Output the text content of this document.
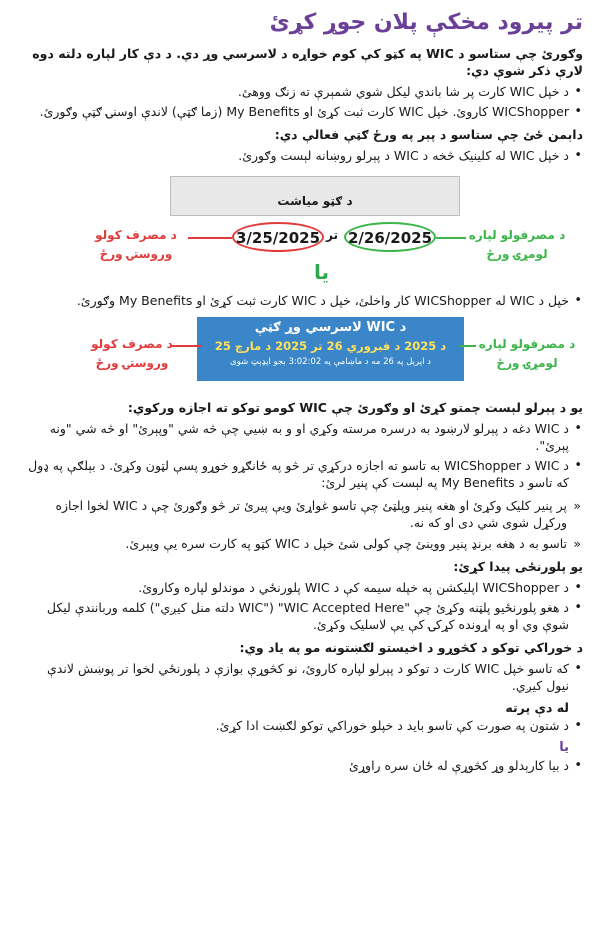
تر پیرود مخکې پلان جوړ کړئ
وګورئ چې ستاسو د WIC په کټو کې کوم خواړه د لاسرسي وړ دي. د دې کار لپاره دلته دوه لارې ذکر شوې دي:
• د خپل WIC کارت پر شا باندي لیکل شوي شمېرې ته زنګ ووهئ.
• WICShopper کاروئ. خپل WIC کارت ثبت کړئ او My Benefits (زما ګټې) لاندې اوسنۍ ګټې وګورئ.
داېمن ځئ چې ستاسو د پېر په ورځ ګټې فعالې دي:
• د خپل WIC له کلینیک څخه د WIC د پېرلو روښانه لېست وګورئ.
د ګټو میاشت
3/25/2025 تر 2/26/2025
د مصرف کولو وروستۍ ورځ
د مصرفولو لپاره لومړۍ ورځ
یا
• خپل د WIC له WICShopper کار واخلئ، خپل د WIC کارت ثبت کړئ او My Benefits وګورئ.
د WIC لاسرسي وړ ګټې
د 2025 د فبروري 26 تر 2025 د مارچ 25
د اپرېل په 26 مه د ماښامې په 3:02:02 بجو اپډېټ شوی
د مصرف کولو وروستۍ ورځ
د مصرفولو لپاره لومړۍ ورځ
یو د پېرلو لېست چمتو کړئ او وګورئ چې WIC کومو توکو ته اجازه ورکوي:
• د WIC دغه د پېرلو لارښود به درسره مرسته وکړي او و به ښيي چې څه شي "وپېرئ" او څه شي "ونه پېرئ".
• د WIC د WICShopper به تاسو ته اجازه درکړي تر څو په ځانګړو خوړو پسې لټون وکړئ. د بېلګې په ډول که تاسو د My Benefits په لېست کې پنیر لرئ:
« پر پنیر کلیک وکړئ او هغه پنیر وپلټئ چې تاسو غواړئ ویې پیرئ تر څو وګورئ چې د WIC لخوا اجازه ورکړل شوی شي دی او که نه.
« تاسو به د هغه برنډ پنیر ووینئ چې کولی شئ خپل د WIC کټو په کارت سره یې وپېرئ.
یو پلورنځی پیدا کړئ:
• د WICShopper اپلیکشن په خپله سیمه کې د WIC پلورنځي د موندلو لپاره وکاروئ.
• د هغو پلورنځیو پلټنه وکړئ چې "WIC Accepted Here" ("WIC دلته منل کیږي") کلمه وربانندې لیکل شوې وي او په اړونده کړکۍ کې یې لاسلیک وکړئ.
د خوراکي توکو د کڅوړو د اخیستو لګښتونه مو په یاد وي:
• که تاسو خپل WIC کارت د توکو د پېرلو لپاره کاروئ، نو کڅوړې بوازې د پلورنځي لخوا تر پوښش لاندې نیول کیږي.
له دې پرته
• د شتون په صورت کې تاسو باید د خپلو خوراکي توکو لګښت ادا کړئ.
یا
• د بیا کارېدلو وړ کڅوړې له ځان سره راوړئ
